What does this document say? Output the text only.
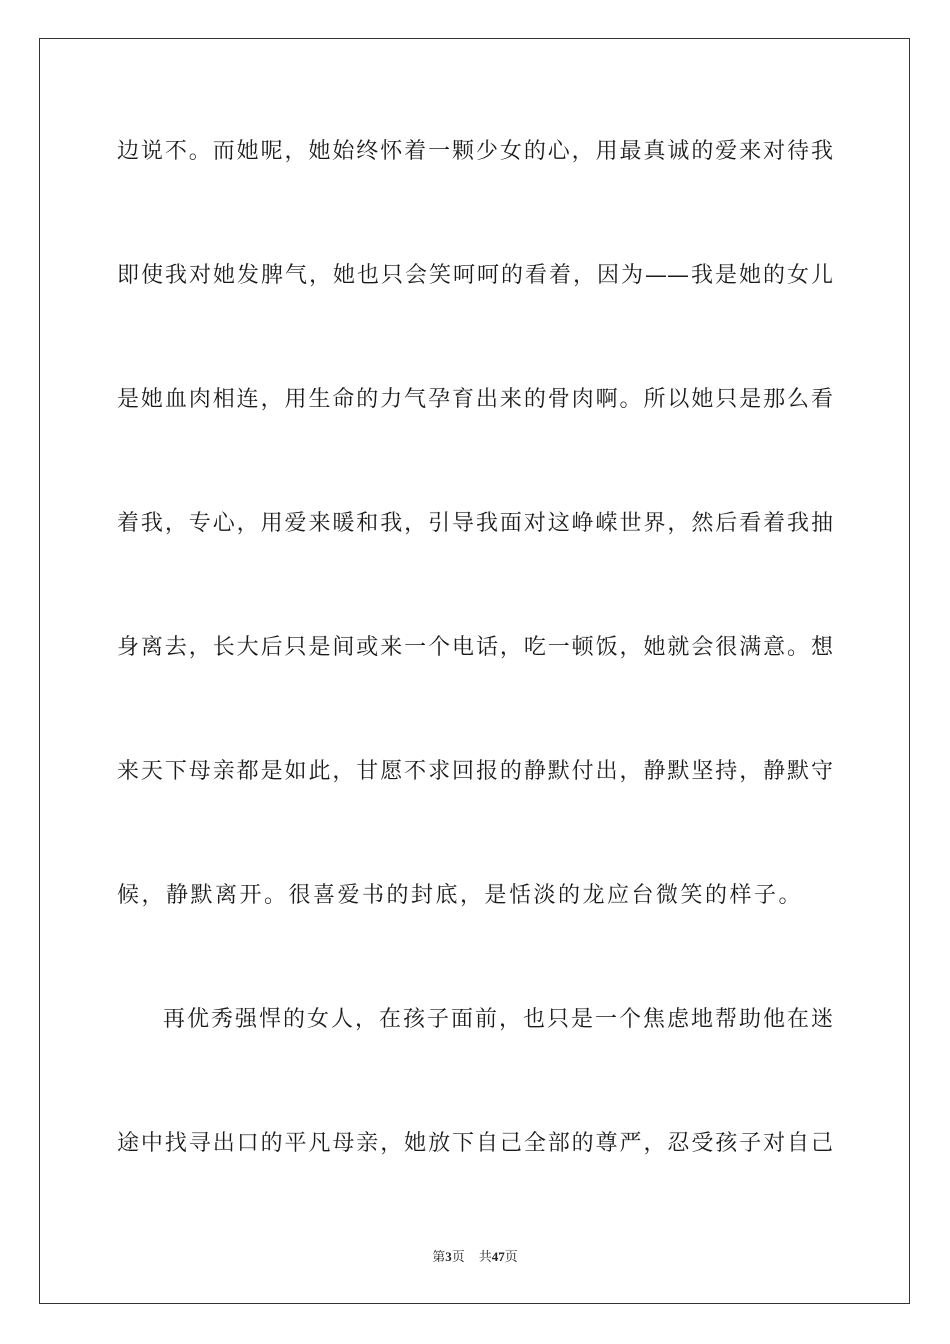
边说不。而她呢，她始终怀着一颗少女的心，用最真诚的爱来对待我
即使我对她发脾气，她也只会笑呵呵的看着，因为——我是她的女儿
是她血肉相连，用生命的力气孕育出来的骨肉啊。所以她只是那么看
着我，专心，用爱来暖和我，引导我面对这峥嵘世界，然后看着我抽
身离去，长大后只是间或来一个电话，吃一顿饭，她就会很满意。想
来天下母亲都是如此，甘愿不求回报的静默付出，静默坚持，静默守
候，静默离开。很喜爱书的封底，是恬淡的龙应台微笑的样子。
再优秀强悍的女人，在孩子面前，也只是一个焦虑地帮助他在迷
途中找寻出口的平凡母亲，她放下自己全部的尊严，忍受孩子对自己
第3页 共47页
